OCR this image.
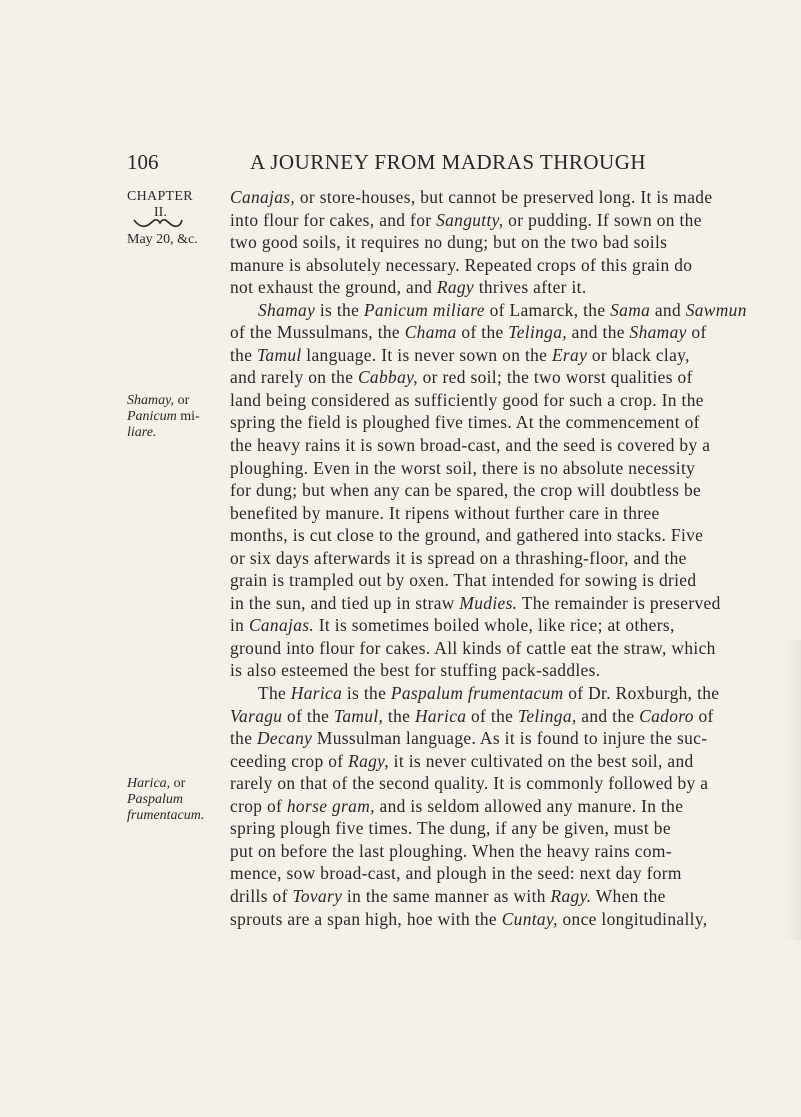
106	A JOURNEY FROM MADRAS THROUGH
CHAPTER
II.
May 20, &c.
Shamay, or
Panicum mi-
liare.
Harica, or
Paspalum
frumentacum.
Canajas, or store-houses, but cannot be preserved long. It is made
into flour for cakes, and for Sangutty, or pudding. If sown on the
two good soils, it requires no dung; but on the two bad soils
manure is absolutely necessary. Repeated crops of this grain do
not exhaust the ground, and Ragy thrives after it.
Shamay is the Panicum miliare of Lamarck, the Sama and Sawmun
of the Mussulmans, the Chama of the Telinga, and the Shamay of
the Tamul language. It is never sown on the Eray or black clay,
and rarely on the Cabbay, or red soil; the two worst qualities of
land being considered as sufficiently good for such a crop. In the
spring the field is ploughed five times. At the commencement of
the heavy rains it is sown broad-cast, and the seed is covered by a
ploughing. Even in the worst soil, there is no absolute necessity
for dung; but when any can be spared, the crop will doubtless be
benefited by manure. It ripens without further care in three
months, is cut close to the ground, and gathered into stacks. Five
or six days afterwards it is spread on a thrashing-floor, and the
grain is trampled out by oxen. That intended for sowing is dried
in the sun, and tied up in straw Mudies. The remainder is preserved
in Canajas. It is sometimes boiled whole, like rice; at others,
ground into flour for cakes. All kinds of cattle eat the straw, which
is also esteemed the best for stuffing pack-saddles.
The Harica is the Paspalum frumentacum of Dr. Roxburgh, the
Varagu of the Tamul, the Harica of the Telinga, and the Cadoro of
the Decany Mussulman language. As it is found to injure the suc-
ceeding crop of Ragy, it is never cultivated on the best soil, and
rarely on that of the second quality. It is commonly followed by a
crop of horse gram, and is seldom allowed any manure. In the
spring plough five times. The dung, if any be given, must be
put on before the last ploughing. When the heavy rains com-
mence, sow broad-cast, and plough in the seed: next day form
drills of Tovary in the same manner as with Ragy. When the
sprouts are a span high, hoe with the Cuntay, once longitudinally,
